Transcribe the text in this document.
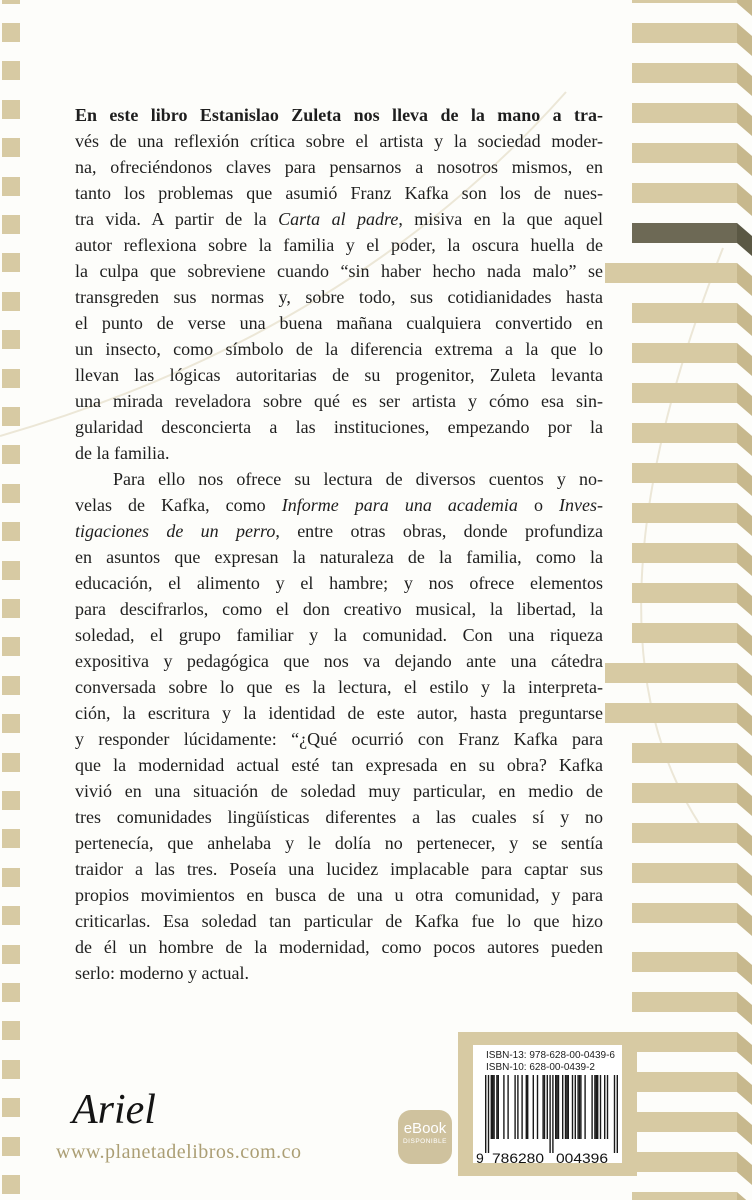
En este libro Estanislao Zuleta nos lleva de la mano a tra-
vés de una reflexión crítica sobre el artista y la sociedad moder-
na, ofreciéndonos claves para pensarnos a nosotros mismos, en
tanto los problemas que asumió Franz Kafka son los de nues-
tra vida. A partir de la Carta al padre, misiva en la que aquel
autor reflexiona sobre la familia y el poder, la oscura huella de
la culpa que sobreviene cuando “sin haber hecho nada malo” se
transgreden sus normas y, sobre todo, sus cotidianidades hasta
el punto de verse una buena mañana cualquiera convertido en
un insecto, como símbolo de la diferencia extrema a la que lo
llevan las lógicas autoritarias de su progenitor, Zuleta levanta
una mirada reveladora sobre qué es ser artista y cómo esa sin-
gularidad desconcierta a las instituciones, empezando por la
de la familia.
Para ello nos ofrece su lectura de diversos cuentos y no-
velas de Kafka, como Informe para una academia o Inves-
tigaciones de un perro, entre otras obras, donde profundiza
en asuntos que expresan la naturaleza de la familia, como la
educación, el alimento y el hambre; y nos ofrece elementos
para descifrarlos, como el don creativo musical, la libertad, la
soledad, el grupo familiar y la comunidad. Con una riqueza
expositiva y pedagógica que nos va dejando ante una cátedra
conversada sobre lo que es la lectura, el estilo y la interpreta-
ción, la escritura y la identidad de este autor, hasta preguntarse
y responder lúcidamente: “¿Qué ocurrió con Franz Kafka para
que la modernidad actual esté tan expresada en su obra? Kafka
vivió en una situación de soledad muy particular, en medio de
tres comunidades lingüísticas diferentes a las cuales sí y no
pertenecía, que anhelaba y le dolía no pertenecer, y se sentía
traidor a las tres. Poseía una lucidez implacable para captar sus
propios movimientos en busca de una u otra comunidad, y para
criticarlas. Esa soledad tan particular de Kafka fue lo que hizo
de él un hombre de la modernidad, como pocos autores pueden
serlo: moderno y actual.
ISBN-13: 978-628-00-0439-6
ISBN-10: 628-00-0439-2
9 786280 004396
eBook
DISPONIBLE
Ariel
www.planetadelibros.com.co
